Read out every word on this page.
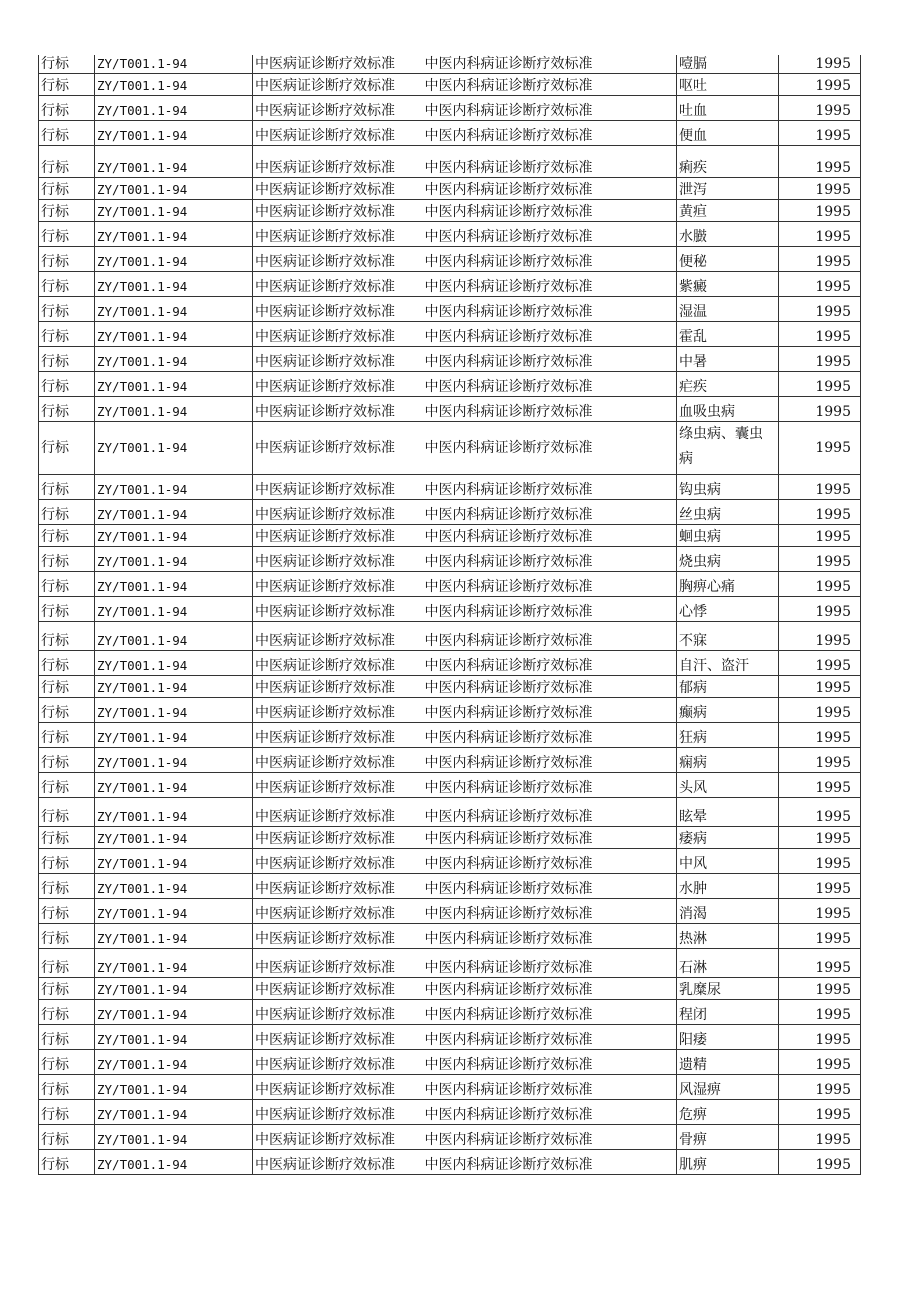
行标	ZY/T001.1-94	中医病证诊断疗效标准	中医内科病证诊断疗效标准	噎膈	1995
行标	ZY/T001.1-94	中医病证诊断疗效标准	中医内科病证诊断疗效标准	呕吐	1995
行标	ZY/T001.1-94	中医病证诊断疗效标准	中医内科病证诊断疗效标准	吐血	1995
行标	ZY/T001.1-94	中医病证诊断疗效标准	中医内科病证诊断疗效标准	便血	1995
行标	ZY/T001.1-94	中医病证诊断疗效标准	中医内科病证诊断疗效标准	痢疾	1995
行标	ZY/T001.1-94	中医病证诊断疗效标准	中医内科病证诊断疗效标准	泄泻	1995
行标	ZY/T001.1-94	中医病证诊断疗效标准	中医内科病证诊断疗效标准	黄疸	1995
行标	ZY/T001.1-94	中医病证诊断疗效标准	中医内科病证诊断疗效标准	水臌	1995
行标	ZY/T001.1-94	中医病证诊断疗效标准	中医内科病证诊断疗效标准	便秘	1995
行标	ZY/T001.1-94	中医病证诊断疗效标准	中医内科病证诊断疗效标准	紫癜	1995
行标	ZY/T001.1-94	中医病证诊断疗效标准	中医内科病证诊断疗效标准	湿温	1995
行标	ZY/T001.1-94	中医病证诊断疗效标准	中医内科病证诊断疗效标准	霍乱	1995
行标	ZY/T001.1-94	中医病证诊断疗效标准	中医内科病证诊断疗效标准	中暑	1995
行标	ZY/T001.1-94	中医病证诊断疗效标准	中医内科病证诊断疗效标准	疟疾	1995
行标	ZY/T001.1-94	中医病证诊断疗效标准	中医内科病证诊断疗效标准	血吸虫病	1995
行标	ZY/T001.1-94	中医病证诊断疗效标准	中医内科病证诊断疗效标准	绦虫病、囊虫病	1995
行标	ZY/T001.1-94	中医病证诊断疗效标准	中医内科病证诊断疗效标准	钩虫病	1995
行标	ZY/T001.1-94	中医病证诊断疗效标准	中医内科病证诊断疗效标准	丝虫病	1995
行标	ZY/T001.1-94	中医病证诊断疗效标准	中医内科病证诊断疗效标准	蛔虫病	1995
行标	ZY/T001.1-94	中医病证诊断疗效标准	中医内科病证诊断疗效标准	烧虫病	1995
行标	ZY/T001.1-94	中医病证诊断疗效标准	中医内科病证诊断疗效标准	胸痹心痛	1995
行标	ZY/T001.1-94	中医病证诊断疗效标准	中医内科病证诊断疗效标准	心悸	1995
行标	ZY/T001.1-94	中医病证诊断疗效标准	中医内科病证诊断疗效标准	不寐	1995
行标	ZY/T001.1-94	中医病证诊断疗效标准	中医内科病证诊断疗效标准	自汗、盗汗	1995
行标	ZY/T001.1-94	中医病证诊断疗效标准	中医内科病证诊断疗效标准	郁病	1995
行标	ZY/T001.1-94	中医病证诊断疗效标准	中医内科病证诊断疗效标准	癫病	1995
行标	ZY/T001.1-94	中医病证诊断疗效标准	中医内科病证诊断疗效标准	狂病	1995
行标	ZY/T001.1-94	中医病证诊断疗效标准	中医内科病证诊断疗效标准	痫病	1995
行标	ZY/T001.1-94	中医病证诊断疗效标准	中医内科病证诊断疗效标准	头风	1995
行标	ZY/T001.1-94	中医病证诊断疗效标准	中医内科病证诊断疗效标准	眩晕	1995
行标	ZY/T001.1-94	中医病证诊断疗效标准	中医内科病证诊断疗效标准	痿病	1995
行标	ZY/T001.1-94	中医病证诊断疗效标准	中医内科病证诊断疗效标准	中风	1995
行标	ZY/T001.1-94	中医病证诊断疗效标准	中医内科病证诊断疗效标准	水肿	1995
行标	ZY/T001.1-94	中医病证诊断疗效标准	中医内科病证诊断疗效标准	消渴	1995
行标	ZY/T001.1-94	中医病证诊断疗效标准	中医内科病证诊断疗效标准	热淋	1995
行标	ZY/T001.1-94	中医病证诊断疗效标准	中医内科病证诊断疗效标准	石淋	1995
行标	ZY/T001.1-94	中医病证诊断疗效标准	中医内科病证诊断疗效标准	乳糜尿	1995
行标	ZY/T001.1-94	中医病证诊断疗效标准	中医内科病证诊断疗效标准	程闭	1995
行标	ZY/T001.1-94	中医病证诊断疗效标准	中医内科病证诊断疗效标准	阳痿	1995
行标	ZY/T001.1-94	中医病证诊断疗效标准	中医内科病证诊断疗效标准	遗精	1995
行标	ZY/T001.1-94	中医病证诊断疗效标准	中医内科病证诊断疗效标准	风湿痹	1995
行标	ZY/T001.1-94	中医病证诊断疗效标准	中医内科病证诊断疗效标准	危痹	1995
行标	ZY/T001.1-94	中医病证诊断疗效标准	中医内科病证诊断疗效标准	骨痹	1995
行标	ZY/T001.1-94	中医病证诊断疗效标准	中医内科病证诊断疗效标准	肌痹	1995
